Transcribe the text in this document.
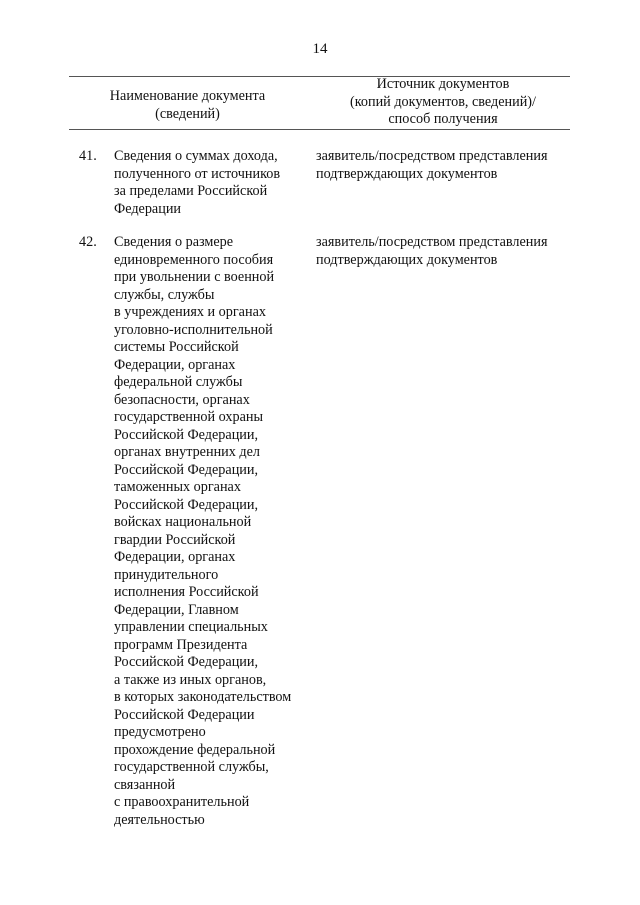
14
Наименование документа
(сведений)
Источник документов
(копий документов, сведений)/
способ получения
41. Сведения о суммах дохода,
полученного от источников
за пределами Российской
Федерации
заявитель/посредством представления
подтверждающих документов
42. Сведения о размере
единовременного пособия
при увольнении с военной
службы, службы
в учреждениях и органах
уголовно-исполнительной
системы Российской
Федерации, органах
федеральной службы
безопасности, органах
государственной охраны
Российской Федерации,
органах внутренних дел
Российской Федерации,
таможенных органах
Российской Федерации,
войсках национальной
гвардии Российской
Федерации, органах
принудительного
исполнения Российской
Федерации, Главном
управлении специальных
программ Президента
Российской Федерации,
а также из иных органов,
в которых законодательством
Российской Федерации
предусмотрено
прохождение федеральной
государственной службы,
связанной
с правоохранительной
деятельностью
заявитель/посредством представления
подтверждающих документов
